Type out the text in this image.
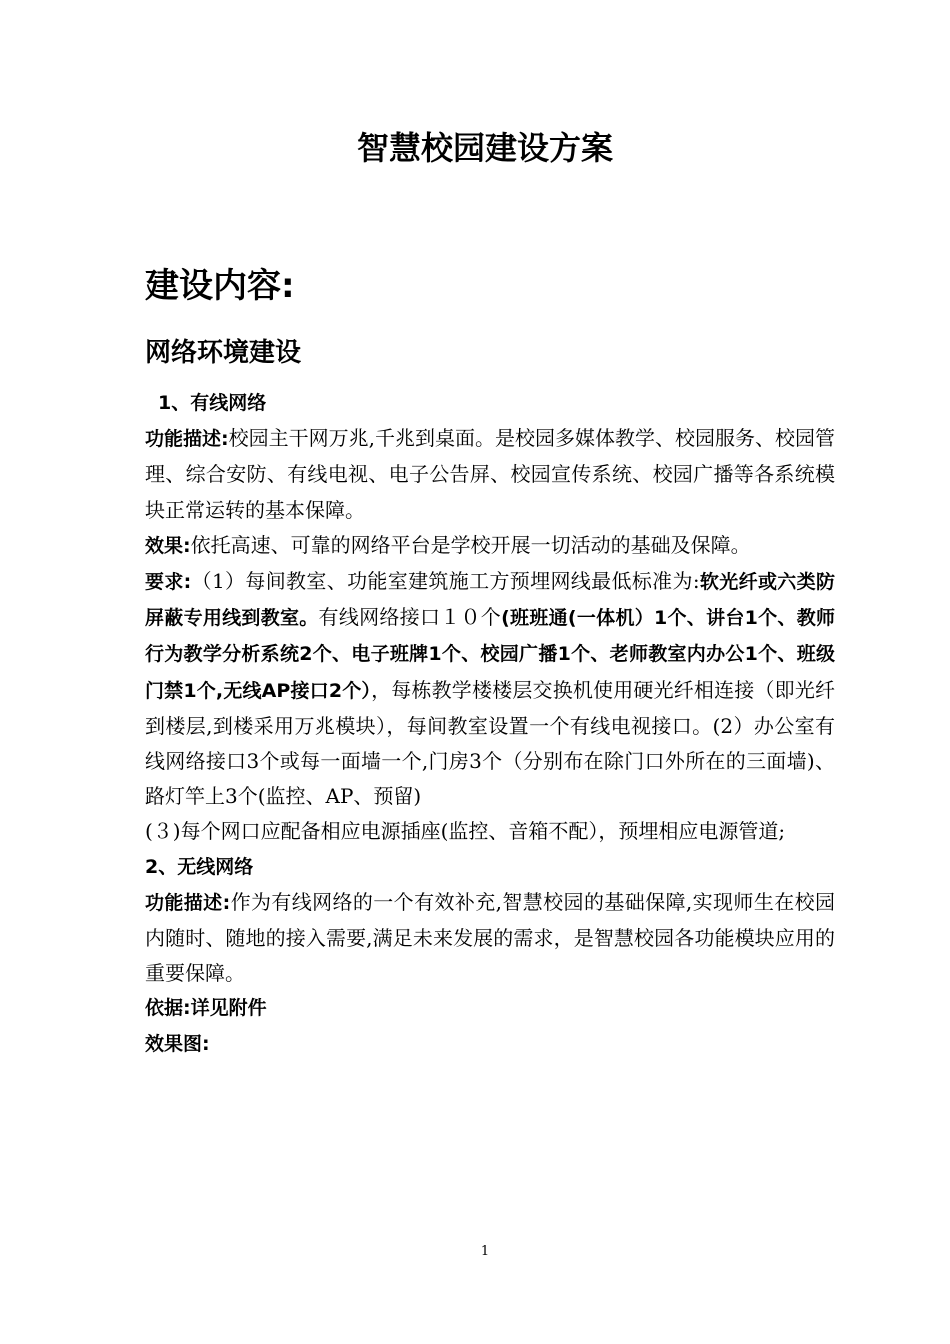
智慧校园建设方案
建设内容:
网络环境建设

1、有线网络

功能描述:校园主干网万兆,千兆到桌面。是校园多媒体教学、校园服务、校园管理、综合安防、有线电视、电子公告屏、校园宣传系统、校园广播等各系统模块正常运转的基本保障。

效果:依托高速、可靠的网络平台是学校开展一切活动的基础及保障。

要求:（1）每间教室、功能室建筑施工方预埋网线最低标准为:软光纤或六类防屏蔽专用线到教室。有线网络接口１０个(班班通(一体机）1个、讲台1个、教师行为教学分析系统2个、电子班牌1个、校园广播1个、老师教室内办公1个、班级门禁1个,无线AP接口2个），每栋教学楼楼层交换机使用硬光纤相连接（即光纤到楼层,到楼采用万兆模块），每间教室设置一个有线电视接口。(2）办公室有线网络接口3个或每一面墙一个,门房3个（分别布在除门口外所在的三面墙)、路灯竿上3个(监控、AP、预留)

(３)每个网口应配备相应电源插座(监控、音箱不配），预埋相应电源管道;

2、无线网络

功能描述:作为有线网络的一个有效补充,智慧校园的基础保障,实现师生在校园内随时、随地的接入需要,满足未来发展的需求，是智慧校园各功能模块应用的重要保障。

依据:详见附件

效果图:

1
